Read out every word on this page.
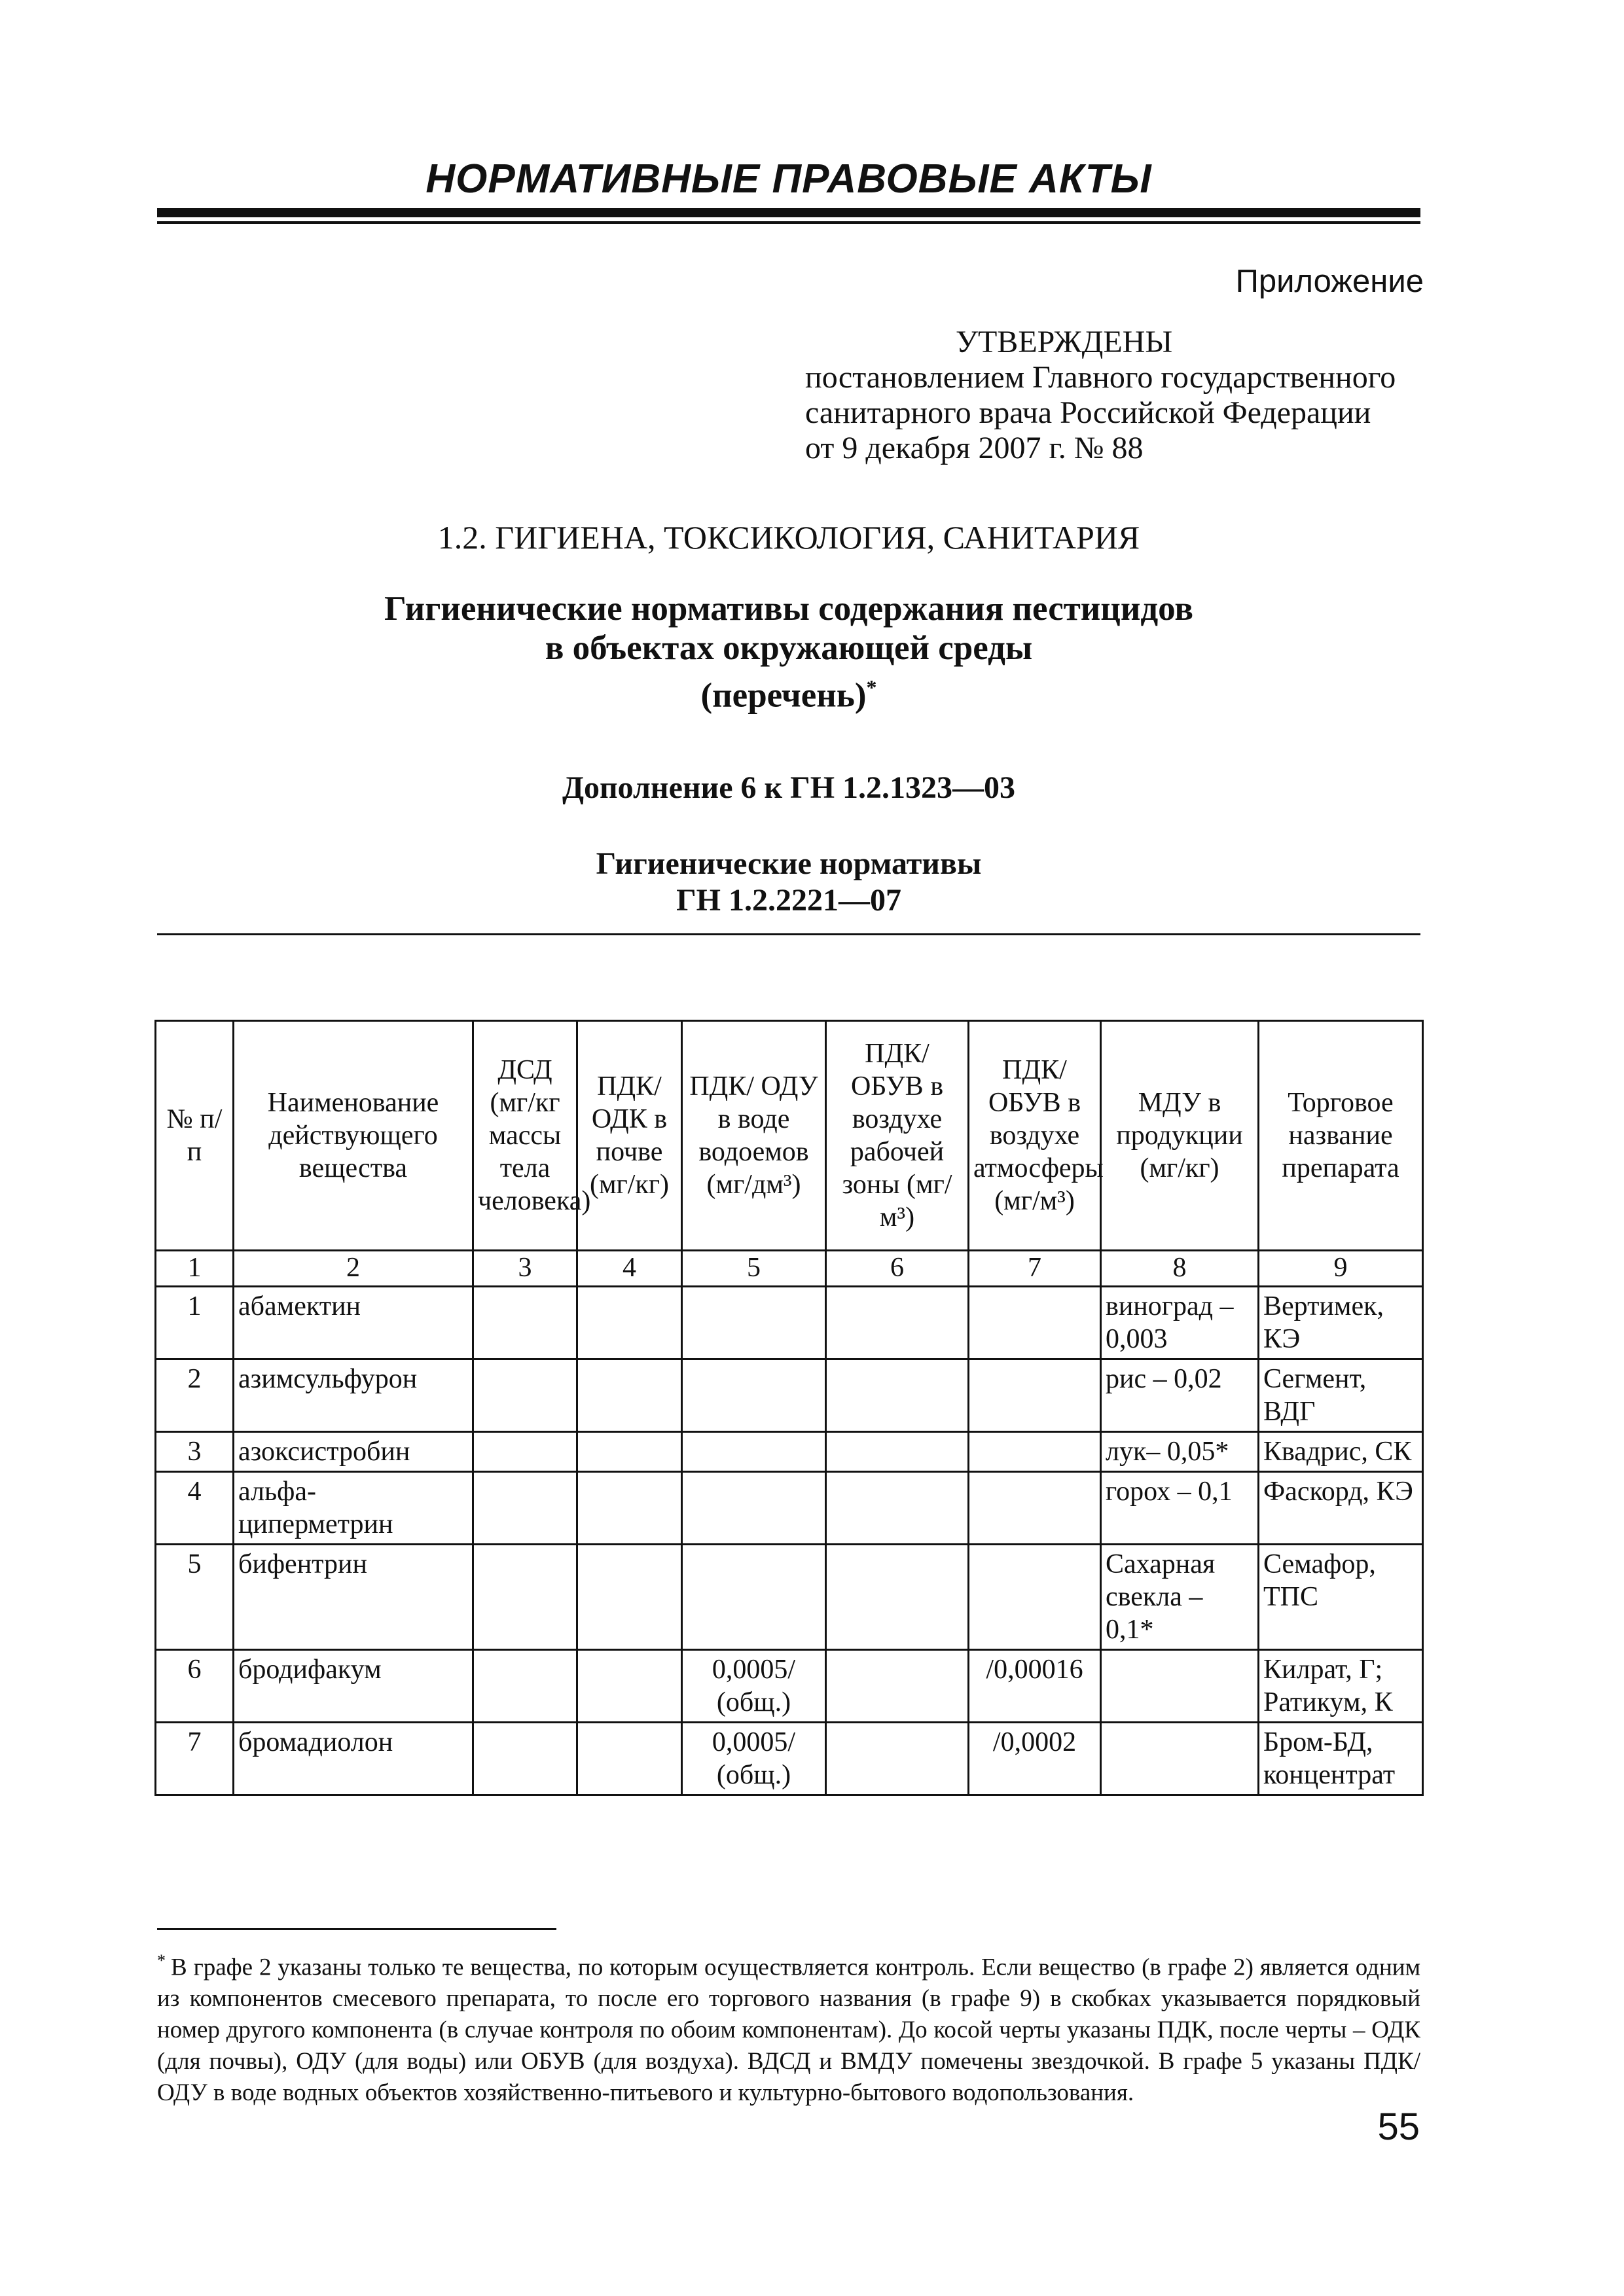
НОРМАТИВНЫЕ ПРАВОВЫЕ АКТЫ
Приложение
УТВЕРЖДЕНЫ
постановлением Главного государственного
санитарного врача Российской Федерации
от 9 декабря 2007 г. № 88
1.2. ГИГИЕНА, ТОКСИКОЛОГИЯ, САНИТАРИЯ
Гигиенические нормативы содержания пестицидов
в объектах окружающей среды
(перечень)*
Дополнение 6 к ГН 1.2.1323—03
Гигиенические нормативы
ГН 1.2.2221—07
№ п/п	Наименование действующего вещества	ДСД (мг/кг массы тела человека)	ПДК/ ОДК в почве (мг/кг)	ПДК/ ОДУ в воде водоемов (мг/дм³)	ПДК/ ОБУВ в воздухе рабочей зоны (мг/м³)	ПДК/ ОБУВ в воздухе атмосферы (мг/м³)	МДУ в продукции (мг/кг)	Торговое название препарата
1	2	3	4	5	6	7	8	9
1	абамектин						виноград – 0,003	Вертимек, КЭ
2	азимсульфурон						рис – 0,02	Сегмент, ВДГ
3	азоксистробин						лук– 0,05*	Квадрис, СК
4	альфа-циперметрин						горох – 0,1	Фаскорд, КЭ
5	бифентрин						Сахарная свекла – 0,1*	Семафор, ТПС
6	бродифакум			0,0005/ (общ.)		/0,00016		Килрат, Г; Ратикум, К
7	бромадиолон			0,0005/ (общ.)		/0,0002		Бром-БД, концентрат
* В графе 2 указаны только те вещества, по которым осуществляется контроль. Если вещество (в графе 2) является одним из компонентов смесевого препарата, то после его торгового названия (в графе 9) в скобках указывается порядковый номер другого компонента (в случае контроля по обоим компонентам). До косой черты указаны ПДК, после черты – ОДК (для почвы), ОДУ (для воды) или ОБУВ (для воздуха). ВДСД и ВМДУ помечены звездочкой. В графе 5 указаны ПДК/ОДУ в воде водных объектов хозяйственно-питьевого и культурно-бытового водопользования.
55
